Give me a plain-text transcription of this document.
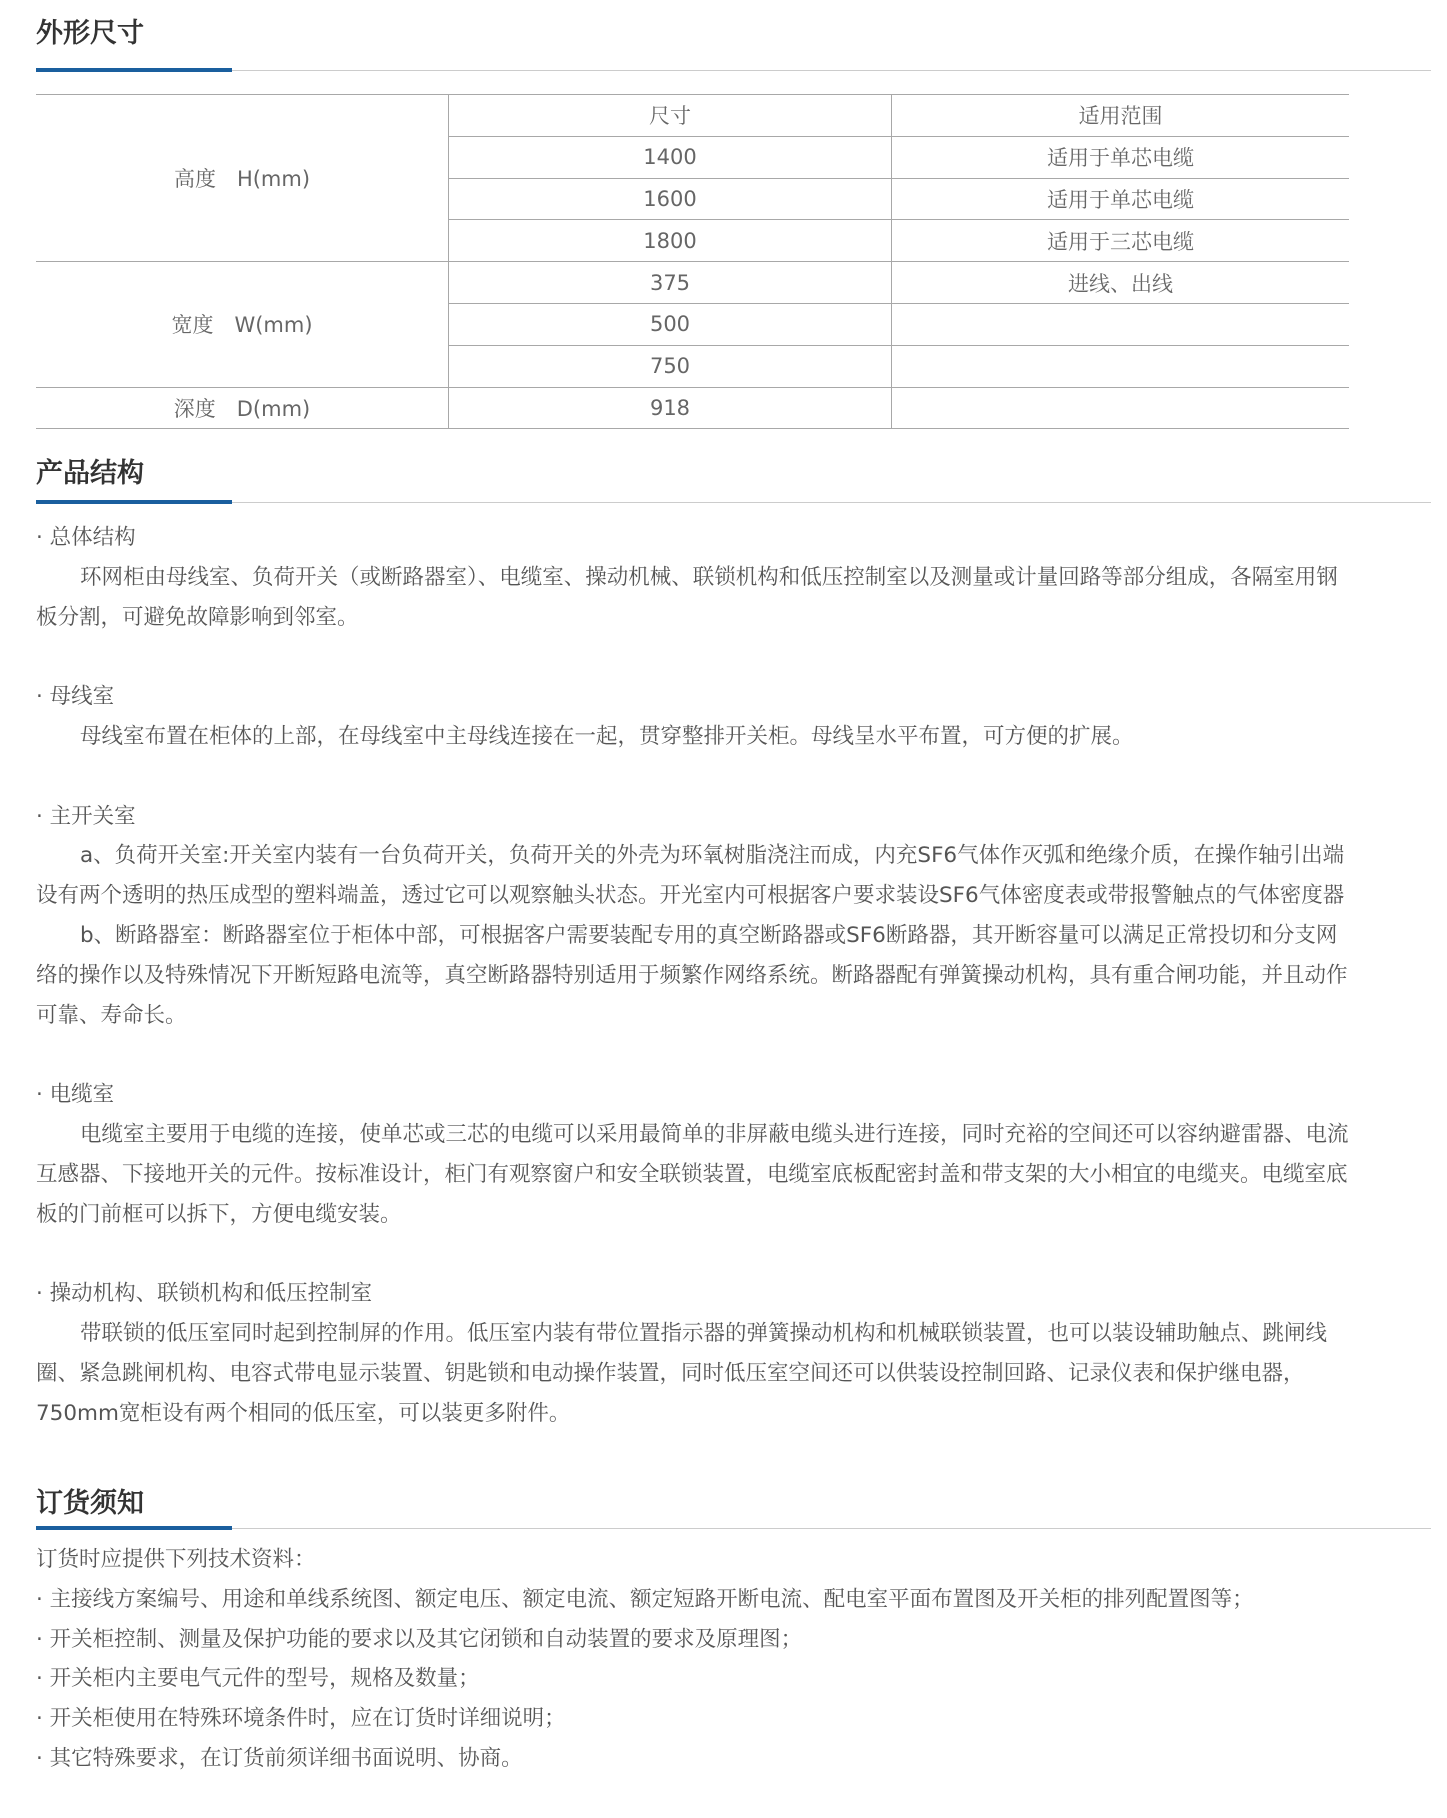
外形尺寸
高度　H(mm)	尺寸	适用范围
	1400	适用于单芯电缆
	1600	适用于单芯电缆
	1800	适用于三芯电缆
宽度　W(mm)	375	进线、出线
	500	
	750	
深度　D(mm)	918	
产品结构

· 总体结构

环网柜由母线室、负荷开关（或断路器室）、电缆室、操动机械、联锁机构和低压控制室以及测量或计量回路等部分组成，各隔室用钢板分割，可避免故障影响到邻室。

· 母线室

母线室布置在柜体的上部，在母线室中主母线连接在一起，贯穿整排开关柜。母线呈水平布置，可方便的扩展。

· 主开关室

a、负荷开关室:开关室内装有一台负荷开关，负荷开关的外壳为环氧树脂浇注而成，内充SF6气体作灭弧和绝缘介质，在操作轴引出端设有两个透明的热压成型的塑料端盖，透过它可以观察触头状态。开光室内可根据客户要求装设SF6气体密度表或带报警触点的气体密度器

b、断路器室：断路器室位于柜体中部，可根据客户需要装配专用的真空断路器或SF6断路器，其开断容量可以满足正常投切和分支网络的操作以及特殊情况下开断短路电流等，真空断路器特别适用于频繁作网络系统。断路器配有弹簧操动机构，具有重合闸功能，并且动作可靠、寿命长。

· 电缆室

电缆室主要用于电缆的连接，使单芯或三芯的电缆可以采用最简单的非屏蔽电缆头进行连接，同时充裕的空间还可以容纳避雷器、电流互感器、下接地开关的元件。按标准设计，柜门有观察窗户和安全联锁装置，电缆室底板配密封盖和带支架的大小相宜的电缆夹。电缆室底板的门前框可以拆下，方便电缆安装。

· 操动机构、联锁机构和低压控制室

带联锁的低压室同时起到控制屏的作用。低压室内装有带位置指示器的弹簧操动机构和机械联锁装置，也可以装设辅助触点、跳闸线圈、紧急跳闸机构、电容式带电显示装置、钥匙锁和电动操作装置，同时低压室空间还可以供装设控制回路、记录仪表和保护继电器，750mm宽柜设有两个相同的低压室，可以装更多附件。

订货须知

订货时应提供下列技术资料：

· 主接线方案编号、用途和单线系统图、额定电压、额定电流、额定短路开断电流、配电室平面布置图及开关柜的排列配置图等；

· 开关柜控制、测量及保护功能的要求以及其它闭锁和自动装置的要求及原理图；

· 开关柜内主要电气元件的型号，规格及数量；

· 开关柜使用在特殊环境条件时，应在订货时详细说明；

· 其它特殊要求，在订货前须详细书面说明、协商。
